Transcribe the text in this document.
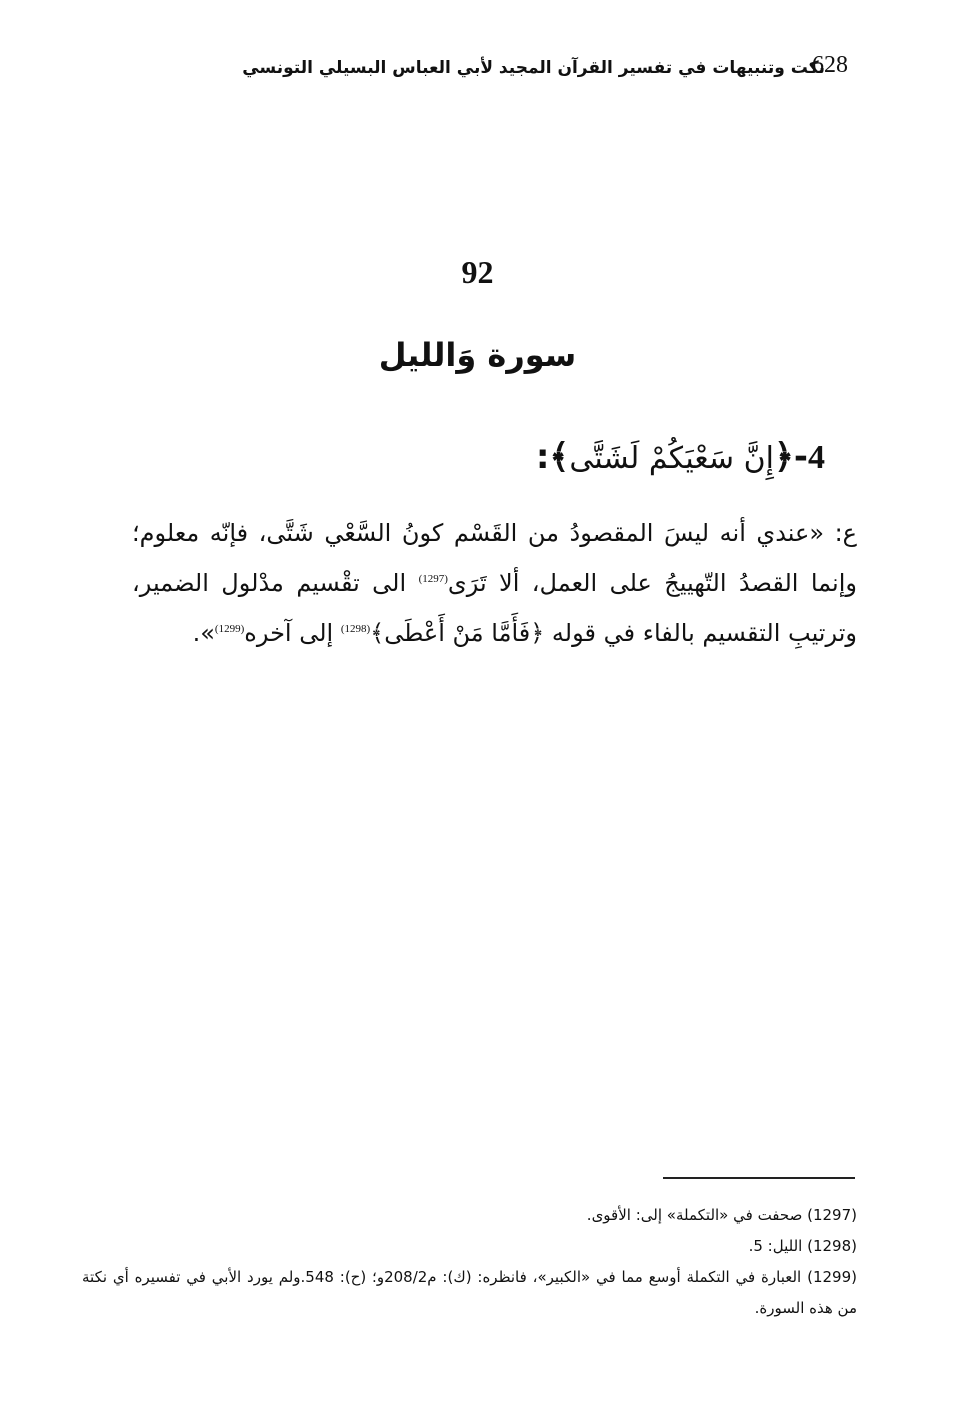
628
نكت وتنبيهات في تفسير القرآن المجيد لأبي العباس البسيلي التونسي
92
سورة وَالليل
4-﴿إِنَّ سَعْيَكُمْ لَشَتَّى﴾:
ع: «عندي أنه ليسَ المقصودُ من القَسْم كونُ السَّعْي شَتَّى، فإنّه معلوم؛ وإنما القصدُ التّهييجُ على العمل، ألا تَرَى$^{(1297)}$ الى تقْسيم مدْلول الضمير، وترتيبِ التقسيم بالفاء في قوله ﴿فَأَمَّا مَنْ أَعْطَى﴾$^{(1298)}$ إلى آخره$^{(1299)}$».

(1297) صحفت في «التكملة» إلى: الأقوى.

(1298) الليل: 5.

(1299) العبارة في التكملة أوسع مما في «الكبير»، فانظره: (ك): م208/2و؛ (ح): 548.ولم يورد الأبي في تفسيره أي نكتة من هذه السورة.
